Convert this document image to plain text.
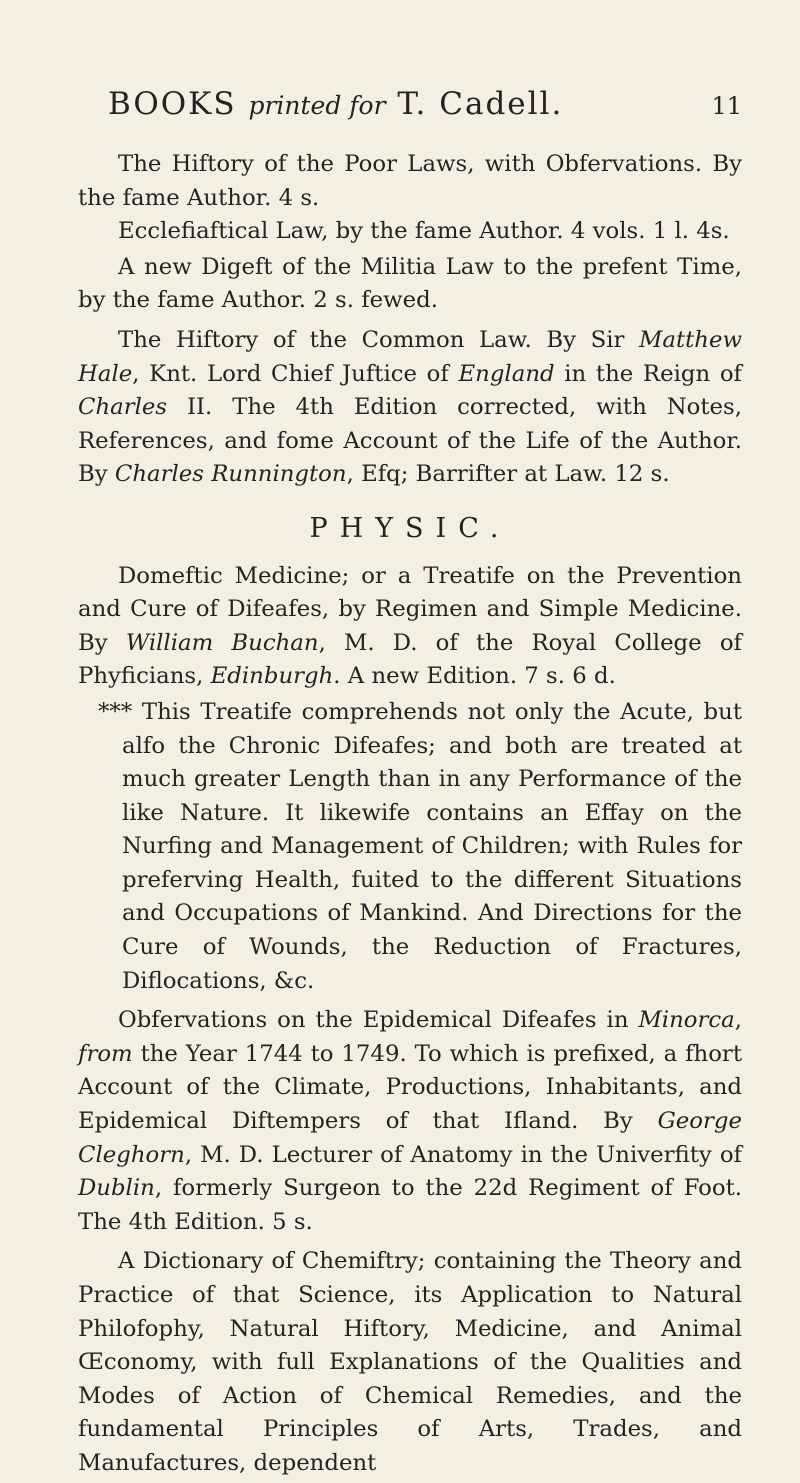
BOOKS printed for T. Cadell.	11

The Hiftory of the Poor Laws, with Obfervations. By the fame Author. 4 s.

Ecclefiaftical Law, by the fame Author. 4 vols. 1 l. 4s.

A new Digeft of the Militia Law to the prefent Time, by the fame Author. 2 s. fewed.

The Hiftory of the Common Law. By Sir Matthew Hale, Knt. Lord Chief Juftice of England in the Reign of Charles II. The 4th Edition corrected, with Notes, References, and fome Account of the Life of the Author. By Charles Runnington, Efq; Barrifter at Law. 12 s.

PHYSIC.

Domeftic Medicine; or a Treatife on the Prevention and Cure of Difeafes, by Regimen and Simple Medicine. By William Buchan, M. D. of the Royal College of Phyficians, Edinburgh. A new Edition. 7 s. 6 d.

*** This Treatife comprehends not only the Acute, but alfo the Chronic Difeafes; and both are treated at much greater Length than in any Performance of the like Nature. It likewife contains an Effay on the Nurfing and Management of Children; with Rules for preferving Health, fuited to the different Situations and Occupations of Mankind. And Directions for the Cure of Wounds, the Reduction of Fractures, Diflocations, &c.

Obfervations on the Epidemical Difeafes in Minorca, from the Year 1744 to 1749. To which is prefixed, a fhort Account of the Climate, Productions, Inhabitants, and Epidemical Diftempers of that Ifland. By George Cleghorn, M. D. Lecturer of Anatomy in the Univerfity of Dublin, formerly Surgeon to the 22d Regiment of Foot. The 4th Edition. 5 s.

A Dictionary of Chemiftry; containing the Theory and Practice of that Science, its Application to Natural Philofophy, Natural Hiftory, Medicine, and Animal Œconomy, with full Explanations of the Qualities and Modes of Action of Chemical Remedies, and the fundamental Principles of Arts, Trades, and Manufactures, dependent
